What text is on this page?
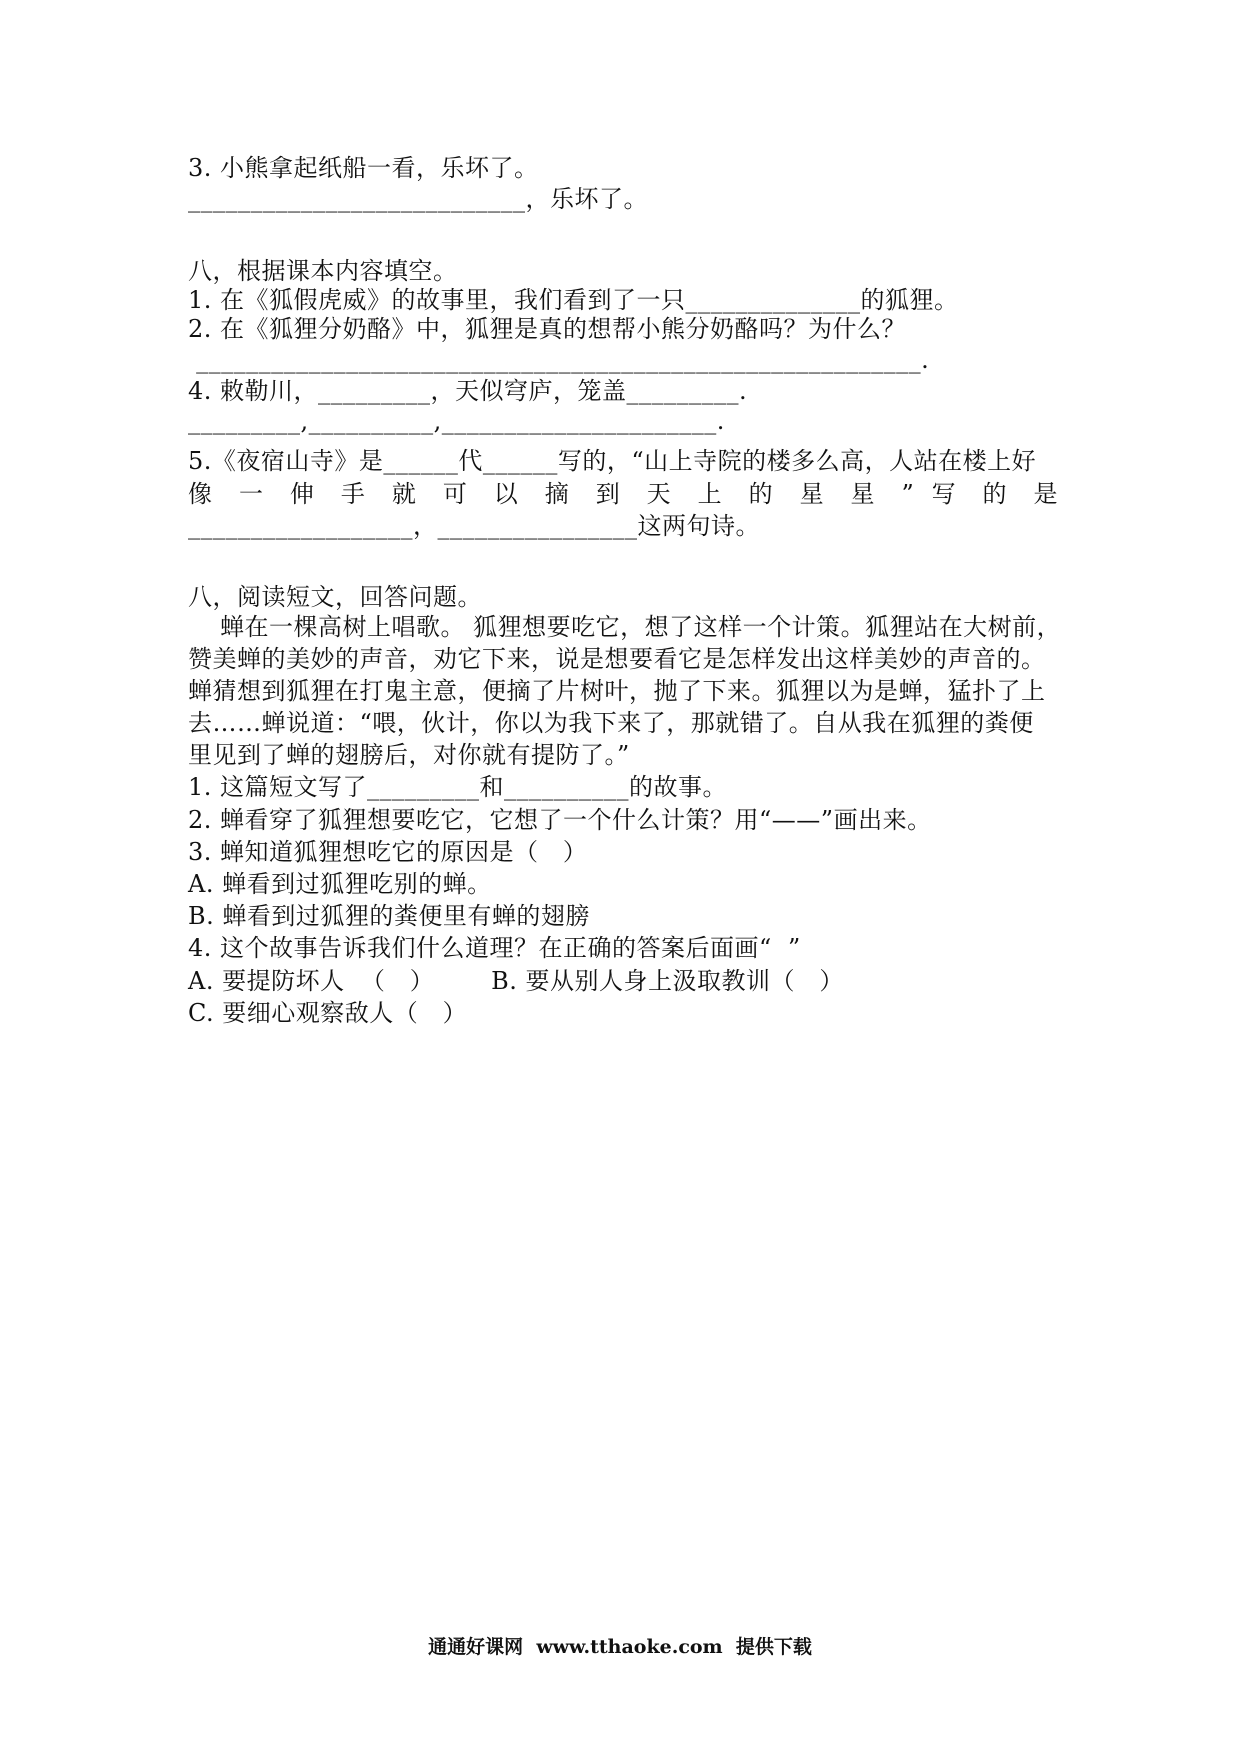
3. 小熊拿起纸船一看，乐坏了。
___________________________，乐坏了。
八，根据课本内容填空。
1. 在《狐假虎威》的故事里，我们看到了一只______________的狐狸。
2. 在《狐狸分奶酪》中，狐狸是真的想帮小熊分奶酪吗？为什么？
__________________________________________________________.
4. 敕勒川，_________，天似穹庐，笼盖_________.
_________,__________,______________________.
5.《夜宿山寺》是______代______写的，“山上寺院的楼多么高，人站在楼上好
像 一 伸 手 就 可 以 摘 到 天 上 的 星 星 ” 写 的 是
__________________，________________这两句诗。
八，阅读短文，回答问题。
蝉在一棵高树上唱歌。 狐狸想要吃它，想了这样一个计策。狐狸站在大树前，
赞美蝉的美妙的声音，劝它下来，说是想要看它是怎样发出这样美妙的声音的。
蝉猜想到狐狸在打鬼主意，便摘了片树叶，抛了下来。狐狸以为是蝉，猛扑了上
去……蝉说道：“喂，伙计，你以为我下来了，那就错了。自从我在狐狸的粪便
里见到了蝉的翅膀后，对你就有提防了。”
1. 这篇短文写了_________和__________的故事。
2. 蝉看穿了狐狸想要吃它，它想了一个什么计策？用“——”画出来。
3. 蝉知道狐狸想吃它的原因是（   ）
A. 蝉看到过狐狸吃别的蝉。
B. 蝉看到过狐狸的粪便里有蝉的翅膀
4. 这个故事告诉我们什么道理？在正确的答案后面画“  ”
A. 要提防坏人  （   ）       B. 要从别人身上汲取教训（   ）
C. 要细心观察敌人（   ）
通通好课网  www.tthaoke.com  提供下载
